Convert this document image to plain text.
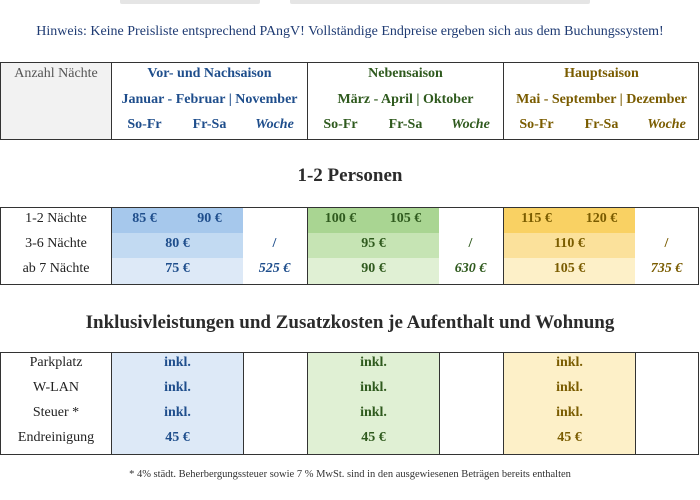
Hinweis: Keine Preisliste entsprechend PAngV! Vollständige Endpreise ergeben sich aus dem Buchungssystem!
Anzahl Nächte	Vor- und Nachsaison
Januar - Februar | November
So-Fr	Fr-Sa	Woche
Nebensaison
März - April | Oktober
So-Fr	Fr-Sa	Woche
Hauptsaison
Mai - September | Dezember
So-Fr	Fr-Sa	Woche
1-2 Personen
1-2 Nächte	85 €	90 €	100 €	105 €	115 €	120 €
3-6 Nächte	80 €	/	95 €	/	110 €	/
ab 7 Nächte	75 €	525 €	90 €	630 €	105 €	735 €
Inklusivleistungen und Zusatzkosten je Aufenthalt und Wohnung
Parkplatz	inkl.	inkl.	inkl.
W-LAN	inkl.	inkl.	inkl.
Steuer *	inkl.	inkl.	inkl.
Endreinigung	45 €	45 €	45 €
* 4% städt. Beherbergungssteuer sowie 7 % MwSt. sind in den ausgewiesenen Beträgen bereits enthalten
